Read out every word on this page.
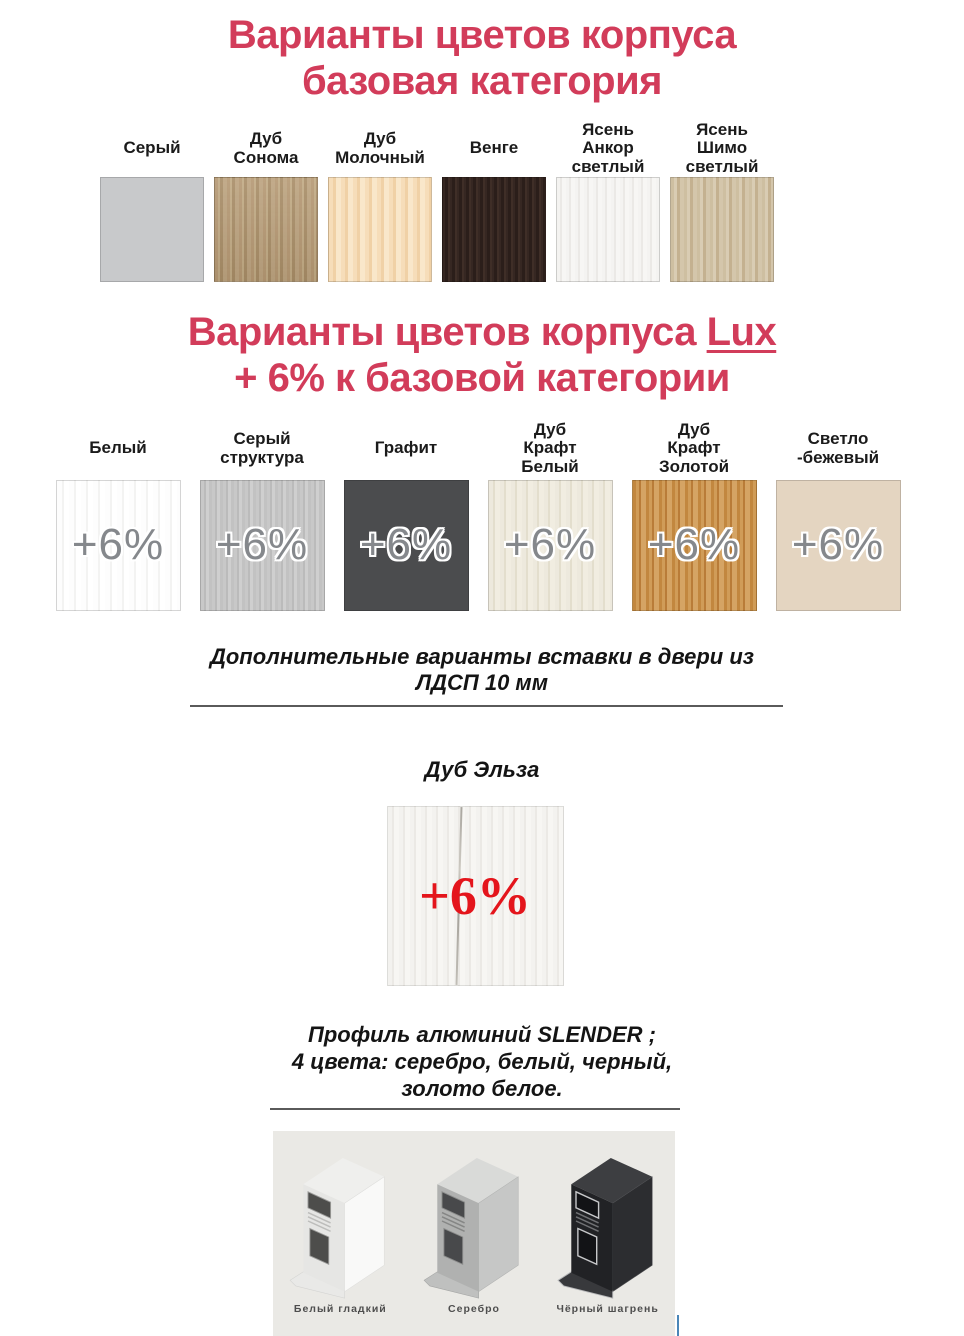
Варианты цветов корпуса
базовая категория
Серый	Дуб Сонома
Дуб Молочный	Венге
Ясень Анкор светлый
Ясень Шимо светлый
Варианты цветов корпуса Lux
+ 6% к базовой категории
Белый
+6%
Серый структура
+6%
Графит
+6%
Дуб Крафт Белый
+6%
Дуб Крафт Золотой
+6%
Светло -бежевый
+6%
Дополнительные варианты вставки в двери из
ЛДСП 10 мм
Дуб Эльза
+6%
Профиль алюминий SLENDER ;
4 цвета: серебро, белый, черный,
золото белое.
Белый гладкий	Серебро	Чёрный шагрень
